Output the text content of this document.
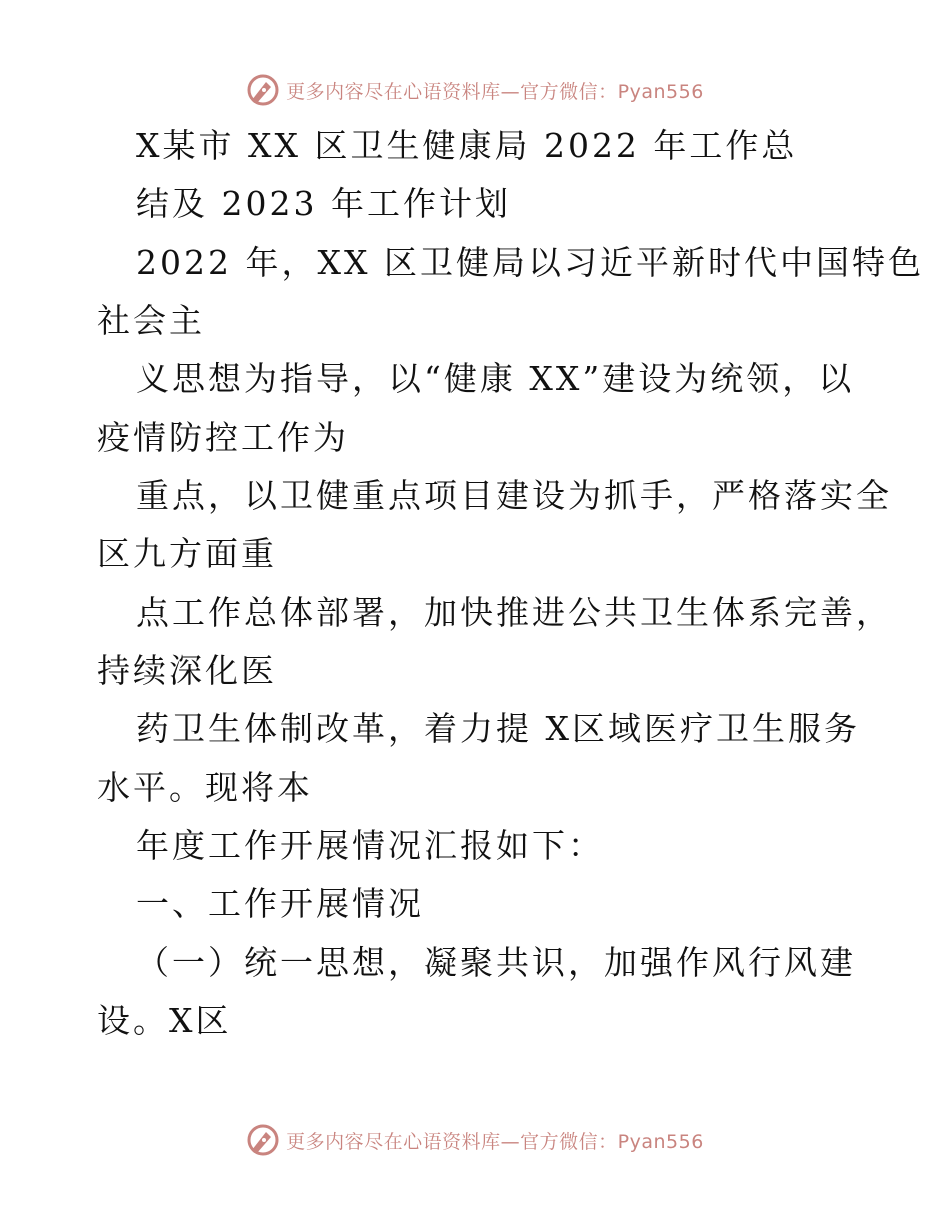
更多内容尽在心语资料库—官方微信：Pyan556
X某市 XX 区卫生健康局 2022 年工作总
结及 2023 年工作计划
2022 年，XX 区卫健局以习近平新时代中国特色
社会主
义思想为指导，以“健康 XX”建设为统领，以
疫情防控工作为
重点，以卫健重点项目建设为抓手，严格落实全
区九方面重
点工作总体部署，加快推进公共卫生体系完善，
持续深化医
药卫生体制改革，着力提 X区域医疗卫生服务
水平。现将本
年度工作开展情况汇报如下：
一、工作开展情况
（一）统一思想，凝聚共识，加强作风行风建
设。X区
更多内容尽在心语资料库—官方微信：Pyan556
